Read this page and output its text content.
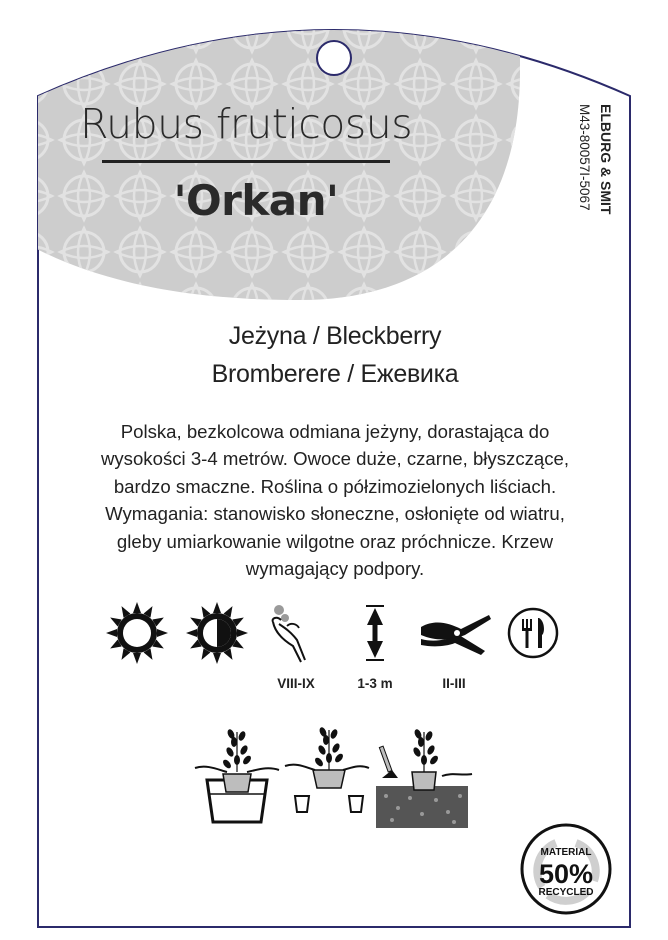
MATERIAL
50%
RECYCLED
Rubus fruticosus
'Orkan'	ELBURG & SMIT
M43-80057I-5067
Jeżyna / Bleckberry
Bromberere / Ежевика

Polska, bezkolcowa odmiana jeżyny, dorastająca do
wysokości 3-4 metrów. Owoce duże, czarne, błyszczące,
bardzo smaczne. Roślina o półzimozielonych liściach.
Wymagania: stanowisko słoneczne, osłonięte od wiatru,
gleby umiarkowanie wilgotne oraz próchnicze. Krzew
wymagający podpory.

VIII-IX	1-3 m	II-III
